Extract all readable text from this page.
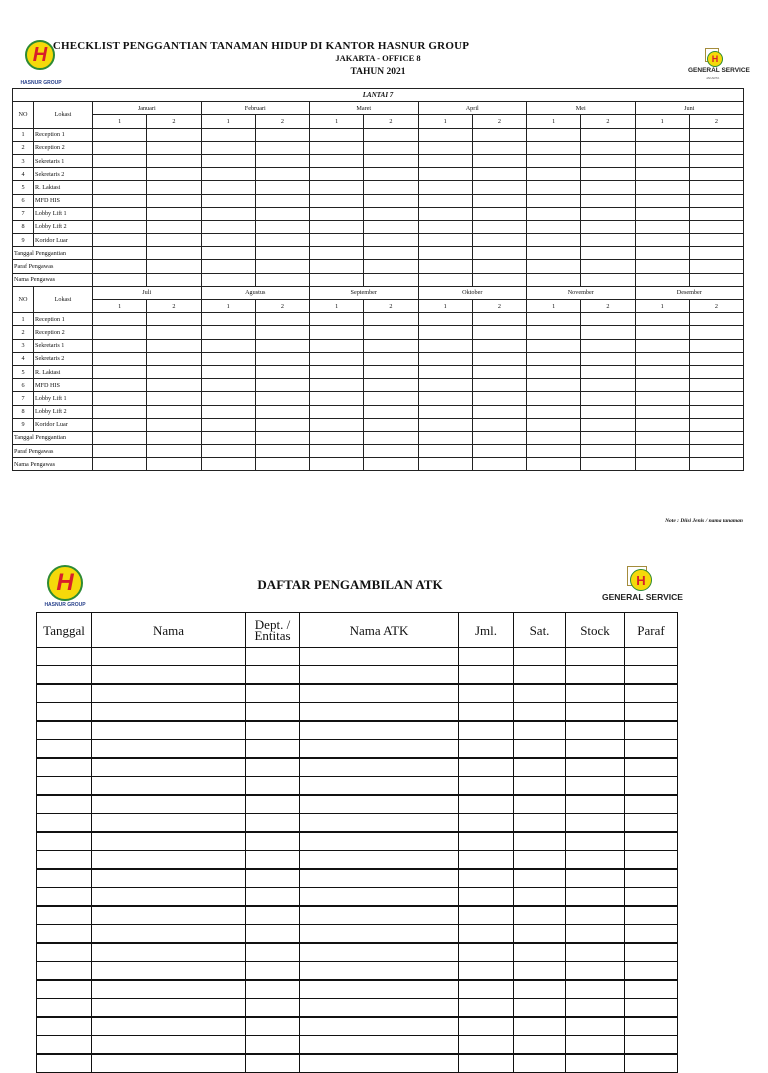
H
HASNUR GROUP
CHECKLIST PENGGANTIAN TANAMAN HIDUP DI KANTOR HASNUR GROUP
JAKARTA - OFFICE 8
TAHUN 2021
H
GENERAL SERVICE
JAKARTA
LANTAI 7													
NO	Lokasi	Januari		Februari		Maret		April		Mei		Juni	
		1	2	1	2	1	2	1	2	1	2	1	2
1	Reception 1												
2	Reception 2												
3	Sekretaris 1												
4	Sekretaris 2												
5	R. Laktasi												
6	MFD HIS												
7	Lobby Lift 1												
8	Lobby Lift 2												
9	Koridor Luar												
Tanggal Penggantian													
Paraf Pengawas													
Nama Pengawas													
NO	Lokasi	Juli		Agustus		September		Oktober		November		Desember	
		1	2	1	2	1	2	1	2	1	2	1	2
1	Reception 1												
2	Reception 2												
3	Sekretaris 1												
4	Sekretaris 2												
5	R. Laktasi												
6	MFD HIS												
7	Lobby Lift 1												
8	Lobby Lift 2												
9	Koridor Luar												
Tanggal Penggantian													
Paraf Pengawas													
Nama Pengawas													
Note : Diisi Jenis / nama tanaman
H
HASNUR GROUP
DAFTAR PENGAMBILAN ATK	H
GENERAL SERVICE
Tanggal	Nama	Dept. / Entitas	Nama ATK	Jml.	Sat.	Stock	Paraf
